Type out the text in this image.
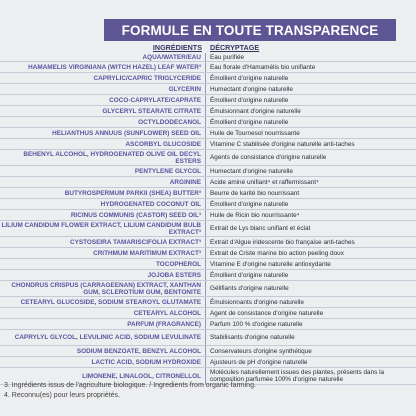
FORMULE EN TOUTE TRANSPARENCE
INGRÉDIENTS	DÉCRYPTAGE
AQUA/WATER/EAU	Eau purifiée
HAMAMELIS VIRGINIANA (WITCH HAZEL) LEAF WATER³	Eau florale d'Hamamélis bio unifiante
CAPRYLIC/CAPRIC TRIGLYCERIDE	Émollient d'origine naturelle
GLYCERIN	Humectant d'origine naturelle
COCO-CAPRYLATE/CAPRATE	Émollient d'origine naturelle
GLYCERYL STEARATE CITRATE	Émulsionnant d'origine naturelle
OCTYLDODECANOL	Émollient d'origine naturelle
HELIANTHUS ANNUUS (SUNFLOWER) SEED OIL	Huile de Tournesol nourrissante
ASCORBYL GLUCOSIDE	Vitamine C stabilisée d'origine naturelle anti-taches
BEHENYL ALCOHOL, HYDROGENATED OLIVE OIL DECYL ESTERS	Agents de consistance d'origine naturelle
PENTYLENE GLYCOL	Humectant d'origine naturelle
ARGININE	Acide aminé unifiant⁴ et raffermissant⁴
BUTYROSPERMUM PARKII (SHEA) BUTTER³	Beurre de karité bio nourrissant
HYDROGENATED COCONUT OIL	Émollient d'origine naturelle
RICINUS COMMUNIS (CASTOR) SEED OIL³	Huile de Ricin bio nourrissante⁴
LILIUM CANDIDUM FLOWER EXTRACT, LILIUM CANDIDUM BULB EXTRACT³	Extrait de Lys blanc unifiant et éclat
CYSTOSEIRA TAMARISCIFOLIA EXTRACT³	Extrait d'Algue iridescente bio française anti-taches
CRITHMUM MARITIMUM EXTRACT³	Extrait de Criste marine bio action peeling doux
TOCOPHEROL	Vitamine E d'origine naturelle antioxydante
JOJOBA ESTERS	Émollient d'origine naturelle
CHONDRUS CRISPUS (CARRAGEENAN) EXTRACT, XANTHAN GUM, SCLEROTIUM GUM, BENTONITE	Gélifiants d'origine naturelle
CETEARYL GLUCOSIDE, SODIUM STEAROYL GLUTAMATE	Émulsionnants d'origine naturelle
CETEARYL ALCOHOL	Agent de consistance d'origine naturelle
PARFUM (FRAGRANCE)	Parfum 100 % d'origine naturelle
CAPRYLYL GLYCOL, LEVULINIC ACID, SODIUM LEVULINATE	Stabilisants d'origine naturelle
SODIUM BENZOATE, BENZYL ALCOHOL	Conservateurs d'origine synthétique
LACTIC ACID, SODIUM HYDROXIDE	Ajusteurs de pH d'origine naturelle
LIMONENE, LINALOOL, CITRONELLOL	Molécules naturellement issues des plantes, présents dans la composition parfumée 100% d'origine naturelle
3. Ingrédients issus de l'agriculture biologique. / Ingredients from organic farming.
4. Reconnu(es) pour leurs propriétés.
